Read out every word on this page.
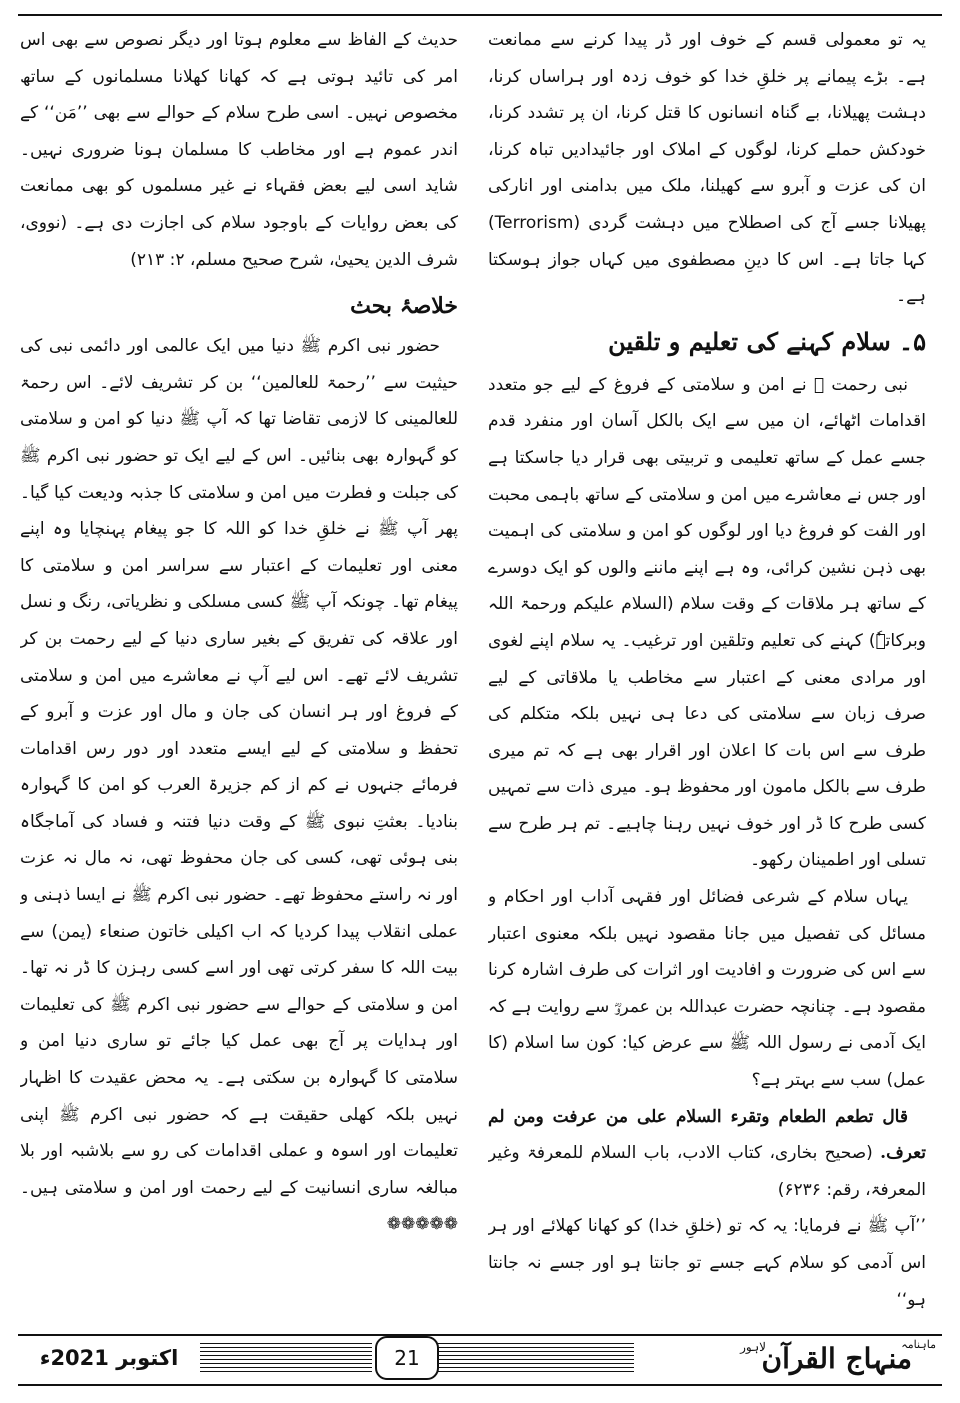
یہ تو معمولی قسم کے خوف اور ڈر پیدا کرنے سے ممانعت ہے۔ بڑے پیمانے پر خلقِ خدا کو خوف زدہ اور ہراساں کرنا، دہشت پھیلانا، بے گناہ انسانوں کا قتل کرنا، ان پر تشدد کرنا، خودکش حملے کرنا، لوگوں کے املاک اور جائیدادیں تباہ کرنا، ان کی عزت و آبرو سے کھیلنا، ملک میں بدامنی اور انارکی پھیلانا جسے آج کی اصطلاح میں دہشت گردی (Terrorism) کہا جاتا ہے۔ اس کا دینِ مصطفوی میں کہاں جواز ہوسکتا ہے۔

۵۔ سلام کہنے کی تعلیم و تلقین

نبی رحمت ﷺ نے امن و سلامتی کے فروغ کے لیے جو متعدد اقدامات اٹھائے، ان میں سے ایک بالکل آسان اور منفرد قدم جسے عمل کے ساتھ تعلیمی و تربیتی بھی قرار دیا جاسکتا ہے اور جس نے معاشرے میں امن و سلامتی کے ساتھ باہمی محبت اور الفت کو فروغ دیا اور لوگوں کو امن و سلامتی کی اہمیت بھی ذہن نشین کرائی، وہ ہے اپنے ماننے والوں کو ایک دوسرے کے ساتھ ہر ملاقات کے وقت سلام (السلام علیکم ورحمۃ اللہ وبرکاتہٗ) کہنے کی تعلیم وتلقین اور ترغیب۔ یہ سلام اپنے لغوی اور مرادی معنی کے اعتبار سے مخاطب یا ملاقاتی کے لیے صرف زبان سے سلامتی کی دعا ہی نہیں بلکہ متکلم کی طرف سے اس بات کا اعلان اور اقرار بھی ہے کہ تم میری طرف سے بالکل مامون اور محفوظ ہو۔ میری ذات سے تمہیں کسی طرح کا ڈر اور خوف نہیں رہنا چاہیے۔ تم ہر طرح سے تسلی اور اطمینان رکھو۔

یہاں سلام کے شرعی فضائل اور فقہی آداب اور احکام و مسائل کی تفصیل میں جانا مقصود نہیں بلکہ معنوی اعتبار سے اس کی ضرورت و افادیت اور اثرات کی طرف اشارہ کرنا مقصود ہے۔ چنانچہ حضرت عبداللہ بن عمروؓ سے روایت ہے کہ ایک آدمی نے رسول اللہ ﷺ سے عرض کیا: کون سا اسلام (کا عمل) سب سے بہتر ہے؟

قال تطعم الطعام وتقرء السلام علی من عرفت ومن لم تعرف. (صحیح بخاری، کتاب الادب، باب السلام للمعرفۃ وغیر المعرفۃ، رقم: ۶۲۳۶)

’’آپ ﷺ نے فرمایا: یہ کہ تو (خلقِ خدا) کو کھانا کھلائے اور ہر اس آدمی کو سلام کہے جسے تو جانتا ہو اور جسے نہ جانتا ہو‘‘

حدیث کے الفاظ سے معلوم ہوتا اور دیگر نصوص سے بھی اس امر کی تائید ہوتی ہے کہ کھانا کھلانا مسلمانوں کے ساتھ مخصوص نہیں۔ اسی طرح سلام کے حوالے سے بھی ’’مَن‘‘ کے اندر عموم ہے اور مخاطب کا مسلمان ہونا ضروری نہیں۔ شاید اسی لیے بعض فقہاء نے غیر مسلموں کو بھی ممانعت کی بعض روایات کے باوجود سلام کی اجازت دی ہے۔ (نووی، شرف الدین یحییٰ، شرح صحیح مسلم، ۲: ۲۱۳)

خلاصۂ بحث

حضور نبی اکرم ﷺ دنیا میں ایک عالمی اور دائمی نبی کی حیثیت سے ’’رحمۃ للعالمین‘‘ بن کر تشریف لائے۔ اس رحمۃ للعالمینی کا لازمی تقاضا تھا کہ آپ ﷺ دنیا کو امن و سلامتی کو گہوارہ بھی بنائیں۔ اس کے لیے ایک تو حضور نبی اکرم ﷺ کی جبلت و فطرت میں امن و سلامتی کا جذبہ ودیعت کیا گیا۔ پھر آپ ﷺ نے خلقِ خدا کو اللہ کا جو پیغام پہنچایا وہ اپنے معنی اور تعلیمات کے اعتبار سے سراسر امن و سلامتی کا پیغام تھا۔ چونکہ آپ ﷺ کسی مسلکی و نظریاتی، رنگ و نسل اور علاقہ کی تفریق کے بغیر ساری دنیا کے لیے رحمت بن کر تشریف لائے تھے۔ اس لیے آپ نے معاشرے میں امن و سلامتی کے فروغ اور ہر انسان کی جان و مال اور عزت و آبرو کے تحفظ و سلامتی کے لیے ایسے متعدد اور دور رس اقدامات فرمائے جنہوں نے کم از کم جزیرۃ العرب کو امن کا گہوارہ بنادیا۔ بعثتِ نبوی ﷺ کے وقت دنیا فتنہ و فساد کی آماجگاہ بنی ہوئی تھی، کسی کی جان محفوظ تھی، نہ مال نہ عزت اور نہ راستے محفوظ تھے۔ حضور نبی اکرم ﷺ نے ایسا ذہنی و عملی انقلاب پیدا کردیا کہ اب اکیلی خاتون صنعاء (یمن) سے بیت اللہ کا سفر کرتی تھی اور اسے کسی رہزن کا ڈر نہ تھا۔ امن و سلامتی کے حوالے سے حضور نبی اکرم ﷺ کی تعلیمات اور ہدایات پر آج بھی عمل کیا جائے تو ساری دنیا امن و سلامتی کا گہوارہ بن سکتی ہے۔ یہ محض عقیدت کا اظہار نہیں بلکہ کھلی حقیقت ہے کہ حضور نبی اکرم ﷺ اپنی تعلیمات اور اسوہ و عملی اقدامات کی رو سے بلاشبہ اور بلا مبالغہ ساری انسانیت کے لیے رحمت اور امن و سلامتی ہیں۔ ❁❁❁❁❁

اکتوبر 2021ء	21
ماہنامہ
منہاج القرآن
لاہور
